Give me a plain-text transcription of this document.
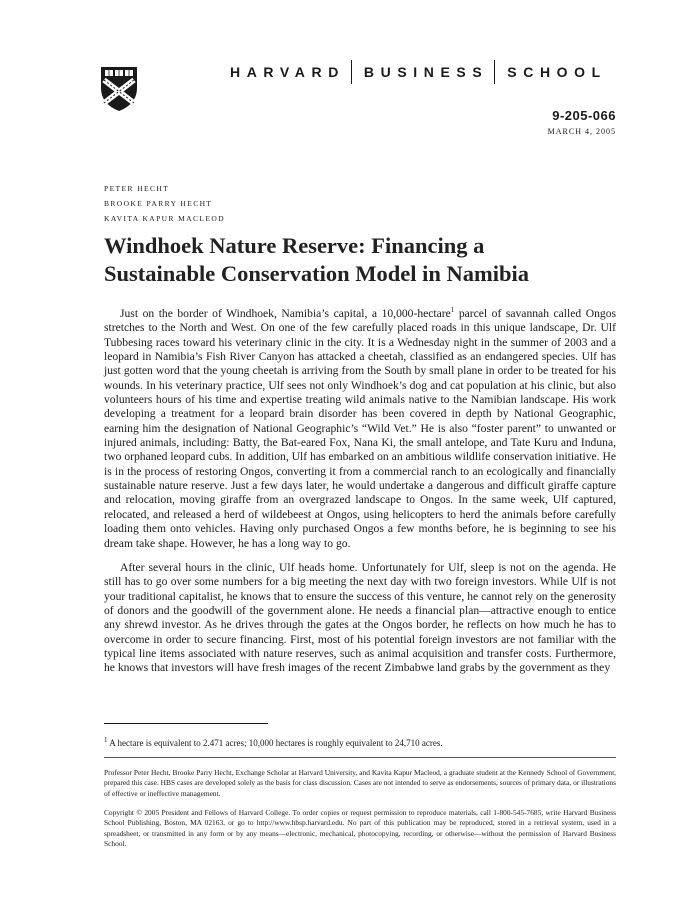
HARVARD BUSINESS SCHOOL
9-205-066
MARCH 4, 2005
PETER HECHT
BROOKE PARRY HECHT
KAVITA KAPUR MACLEOD
Windhoek Nature Reserve: Financing a
Sustainable Conservation Model in Namibia

Just on the border of Windhoek, Namibia’s capital, a 10,000-hectare$^1$ parcel of savannah called Ongos stretches to the North and West. On one of the few carefully placed roads in this unique landscape, Dr. Ulf Tubbesing races toward his veterinary clinic in the city. It is a Wednesday night in the summer of 2003 and a leopard in Namibia’s Fish River Canyon has attacked a cheetah, classified as an endangered species. Ulf has just gotten word that the young cheetah is arriving from the South by small plane in order to be treated for his wounds. In his veterinary practice, Ulf sees not only Windhoek’s dog and cat population at his clinic, but also volunteers hours of his time and expertise treating wild animals native to the Namibian landscape. His work developing a treatment for a leopard brain disorder has been covered in depth by National Geographic, earning him the designation of National Geographic’s “Wild Vet.” He is also “foster parent” to unwanted or injured animals, including: Batty, the Bat-eared Fox, Nana Ki, the small antelope, and Tate Kuru and Induna, two orphaned leopard cubs. In addition, Ulf has embarked on an ambitious wildlife conservation initiative. He is in the process of restoring Ongos, converting it from a commercial ranch to an ecologically and financially sustainable nature reserve. Just a few days later, he would undertake a dangerous and difficult giraffe capture and relocation, moving giraffe from an overgrazed landscape to Ongos. In the same week, Ulf captured, relocated, and released a herd of wildebeest at Ongos, using helicopters to herd the animals before carefully loading them onto vehicles. Having only purchased Ongos a few months before, he is beginning to see his dream take shape. However, he has a long way to go.

After several hours in the clinic, Ulf heads home. Unfortunately for Ulf, sleep is not on the agenda. He still has to go over some numbers for a big meeting the next day with two foreign investors. While Ulf is not your traditional capitalist, he knows that to ensure the success of this venture, he cannot rely on the generosity of donors and the goodwill of the government alone. He needs a financial plan—attractive enough to entice any shrewd investor. As he drives through the gates at the Ongos border, he reflects on how much he has to overcome in order to secure financing. First, most of his potential foreign investors are not familiar with the typical line items associated with nature reserves, such as animal acquisition and transfer costs. Furthermore, he knows that investors will have fresh images of the recent Zimbabwe land grabs by the government as they

$^1$ A hectare is equivalent to 2.471 acres; 10,000 hectares is roughly equivalent to 24,710 acres.

Professor Peter Hecht, Brooke Parry Hecht, Exchange Scholar at Harvard University, and Kavita Kapur Macleod, a graduate student at the Kennedy School of Government, prepared this case. HBS cases are developed solely as the basis for class discussion. Cases are not intended to serve as endorsements, sources of primary data, or illustrations of effective or ineffective management.

Copyright © 2005 President and Fellows of Harvard College. To order copies or request permission to reproduce materials, call 1-800-545-7685, write Harvard Business School Publishing, Boston, MA 02163, or go to http://www.hbsp.harvard.edu. No part of this publication may be reproduced, stored in a retrieval system, used in a spreadsheet, or transmitted in any form or by any means—electronic, mechanical, photocopying, recording, or otherwise—without the permission of Harvard Business School.
